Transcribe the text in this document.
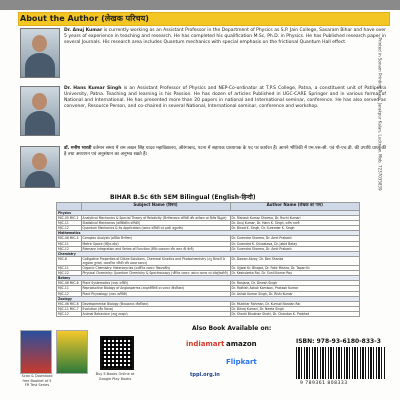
About the Author (लेखक परिचय)
Dr. Anuj Kumar is currently working as an Assistant Professor in the Department of Physics as S.P. Jain College, Sasaram Bihar and have over 5 years of experience in teaching and research. He has completed his qualification M.Sc, Ph.D. in Physics. He has Published research paper in several Journals. His research area includes Quantum mechanics with special emphasis on the frictional Quantum Hall effect.
Dr. Hans Kumar Singh is an Assistant Professor of Physics and NEP-Co-ordinator at T.P.S College, Patna, a constituent unit of Patliputra University, Patna. Teaching and learning is his Passion. He has dozen of articles Published in UGC-CARE Springer and in various formal of National and International. He has presented more than 20 papers in national and International seminar, conference. He has also served as convener, Resource Person, and co-chaired in several National, International seminar, conference and workshop.
डॉ. मनीष भारती वर्तमान समय में राम लखन सिंह यादव महाविद्यालय, औरंगाबाद, पटना में सहायक प्राध्यापक के पद पर कार्यरत हैं। आपने भौतिकी में एम.एस-सी. एवं पी-एच.डी. की उपाधि प्राप्त की है तथा अध्यापन एवं अनुसंधान का अनुभव रखते हैं।
BIHAR B.Sc 6th SEM Bilingual (English-हिन्दी)
	Subject Name (विषय)	Author Name (लेखक का नाम)
Physics		
MIC-05 MIC-1	Analytical Mechanics & Special Theory of Relativity (विश्लेषणात्मक यांत्रिकी और सापेक्षता का विशेष सिद्धांत)	Dr. Rishesh Kumar Sharma, Dr. Ruchi Kumari
MJC-11	Statistical Mechanics (सांख्यिकीय यांत्रिकी)	Dr. Anuj Kumar, Dr. Hans K. Singh, मनीष भारती
MJC-12	Quantum Mechanics & its Application (क्वांटम यांत्रिकी एवं इसके अनुप्रयोग)	Dr. Binod K. Singh, Dr. Surender K. Singh
Mathematics		
MIC-06 MIC-5	Complex Analysis (सम्मिश्र विश्लेषण)	Dr. Surendra Sharma, Dr. Amit Prakash
MJC-11	Metric Space (मेट्रिक स्पेस)	Dr. Surendra K. Srivastava, Dr. Jabid Batay
MJC-12	Riemann Integration and Series of Function (रीमैन समाकलन और फलन की श्रेणी)	Dr. Surendra Sharma, Dr. Amit Prakash
Chemistry		
MIC-6	Colligative Properties of Dilute Solutions, Chemical Kinetics and Photochemistry (तनु विलयनों के अणुसंख्य गुणधर्म, रासायनिक गतिकी और प्रकाश रसायन)	Dr. Dawan Abroy, Dr. Ben Shanka
MJC-11	Organic Chemistry: Heterocycles (कार्बनिक रसायन: विषमचक्रीय)	Dr. Ujjwal Kr. Bhagat, Dr. Fakir Mishra, Dr. Tapan Kr.
MJC-12	Physical Chemistry: Quantum Chemistry & Spectroscopy (भौतिक रसायन: क्वांटम रसायन एवं स्पेक्ट्रोस्कोपी)	Dr. Keshubeka Rai, Dr. Sunil Kumar Roy
Botany		
MIC-06 MIC-6	Plant Systematics (पादप वर्गीकी)	Dr. Ranjana, Dr. Dinesh Singh
MJC-11	Reproductive Biology of Angiosperms (आवृतबीजियों का प्रजनन जीवविज्ञान)	Dr. Rathish Ashok Kamison, Prakash Kumar
MJC-12	Plant Physiology (पादप कार्यिकी)	Dr. Ashok Kumar Singh, Dr. Rishi Kumar
Zoology		
MIC-06 MIC-6	Developmental Biology (विकासात्मक जीवविज्ञान)	Dr. Mukhtar Rahman, Dr. Kumud Nandan Rai
MJC-11 MIC-7	Evolution (जैव विकास)	Dr. Bihraj Kumari, Dr. Neeta Singh
MJC-12	Animal Behaviour (जन्तु व्यवहार)	Dr. Shanti Bhushan Shahi, Dr. Chandan K. Prabhat
Printed in Sonam Printing Press, Jarakpur Kalan, Lucknow. Mob. 7237035839
Scan & Download free Booklet of 5 FR Test Series
Buy E-Books Online at Google Play Books
Also Book Available on:
indiamart amazon
Flipkart
tppl.org.in
ISBN: 978-93-6180-833-3
9 789361 808333
